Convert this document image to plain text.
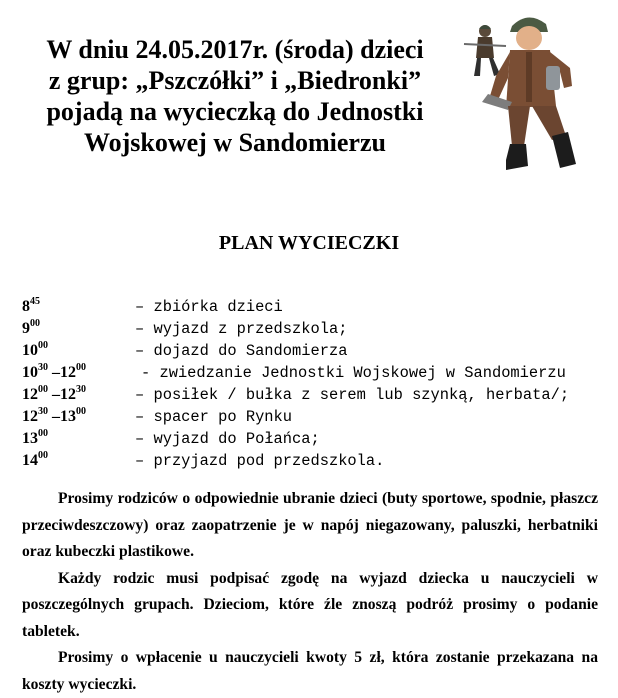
W dniu 24.05.2017r. (środa) dzieci
z grup: „Pszczółki” i „Biedronki”
pojadą na wycieczką do Jednostki
Wojskowej w Sandomierzu
PLAN WYCIECZKI
$8^{45}$	– zbiórka dzieci
$9^{00}$	– wyjazd z przedszkola;
$10^{00}$	– dojazd do Sandomierza
$10^{30}$ $-12^{00}$	- zwiedzanie Jednostki Wojskowej w Sandomierzu
$12^{00}$ $-12^{30}$	– posiłek / bułka z serem lub szynką, herbata/;
$12^{30}$ $-13^{00}$	– spacer po Rynku
$13^{00}$	– wyjazd do Połańca;
$14^{00}$	– przyjazd pod przedszkola.

Prosimy rodziców o odpowiednie ubranie dzieci (buty sportowe, spodnie, płaszcz przeciwdeszczowy) oraz zaopatrzenie je w napój niegazowany, paluszki, herbatniki oraz kubeczki plastikowe.

Każdy rodzic musi podpisać zgodę na wyjazd dziecka u nauczycieli w poszczególnych grupach. Dzieciom, które źle znoszą podróż prosimy o podanie tabletek.

Prosimy o wpłacenie u nauczycieli kwoty 5 zł, która zostanie przekazana na koszty wycieczki.
